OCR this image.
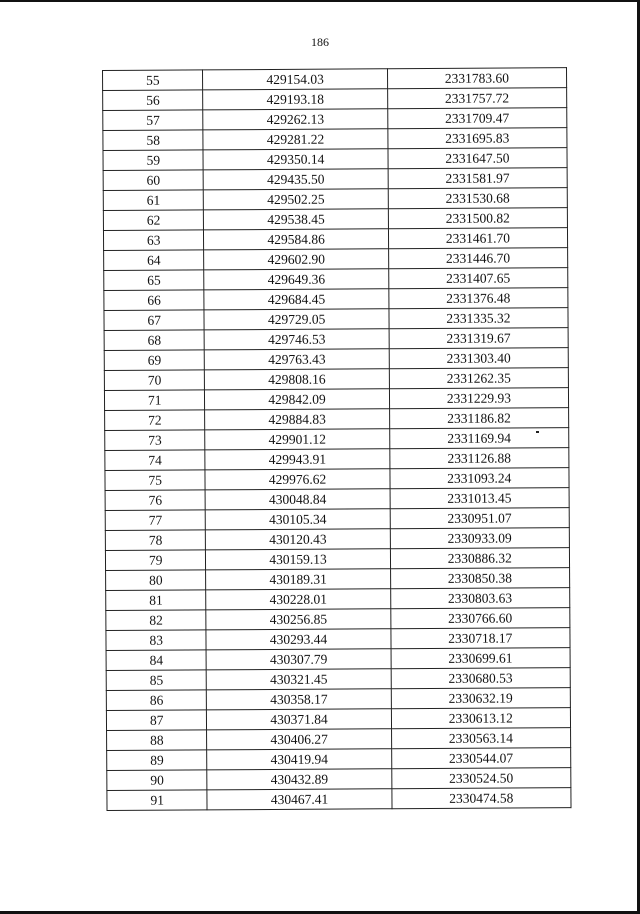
186
55	429154.03	2331783.60
56	429193.18	2331757.72
57	429262.13	2331709.47
58	429281.22	2331695.83
59	429350.14	2331647.50
60	429435.50	2331581.97
61	429502.25	2331530.68
62	429538.45	2331500.82
63	429584.86	2331461.70
64	429602.90	2331446.70
65	429649.36	2331407.65
66	429684.45	2331376.48
67	429729.05	2331335.32
68	429746.53	2331319.67
69	429763.43	2331303.40
70	429808.16	2331262.35
71	429842.09	2331229.93
72	429884.83	2331186.82
73	429901.12	2331169.94
74	429943.91	2331126.88
75	429976.62	2331093.24
76	430048.84	2331013.45
77	430105.34	2330951.07
78	430120.43	2330933.09
79	430159.13	2330886.32
80	430189.31	2330850.38
81	430228.01	2330803.63
82	430256.85	2330766.60
83	430293.44	2330718.17
84	430307.79	2330699.61
85	430321.45	2330680.53
86	430358.17	2330632.19
87	430371.84	2330613.12
88	430406.27	2330563.14
89	430419.94	2330544.07
90	430432.89	2330524.50
91	430467.41	2330474.58
